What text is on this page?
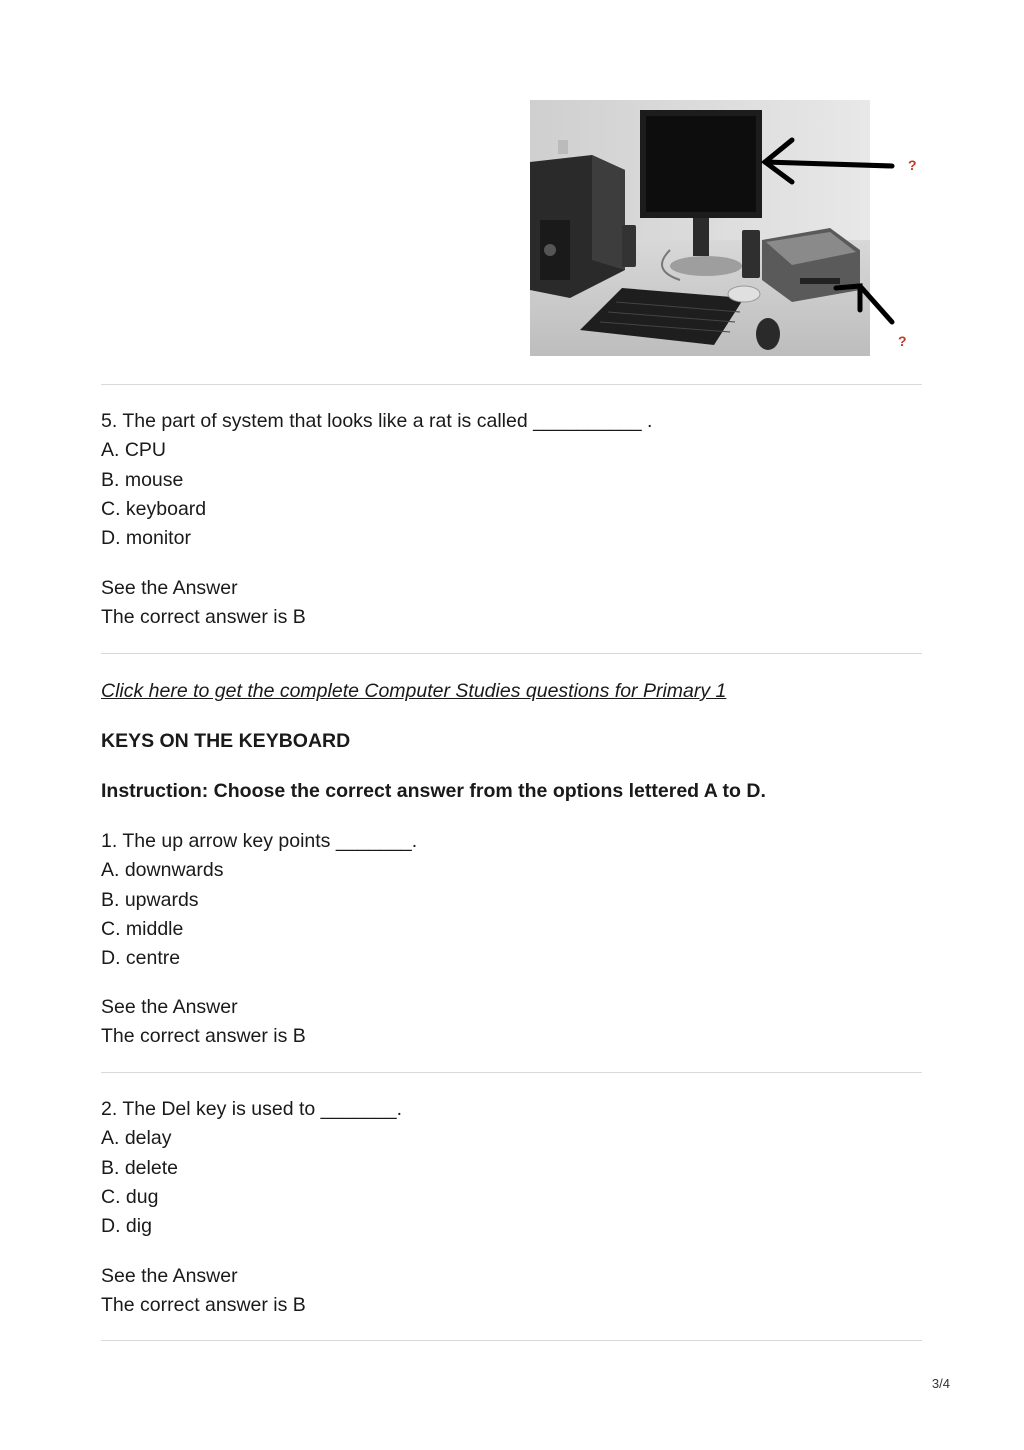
?
?
5. The part of system that looks like a rat is called __________ .
A. CPU
B. mouse
C. keyboard
D. monitor
See the Answer
The correct answer is B
Click here to get the complete Computer Studies questions for Primary 1
KEYS ON THE KEYBOARD
Instruction: Choose the correct answer from the options lettered A to D.
1. The up arrow key points _______.
A. downwards
B. upwards
C. middle
D. centre
See the Answer
The correct answer is B
2. The Del key is used to _______.
A. delay
B. delete
C. dug
D. dig
See the Answer
The correct answer is B
3/4
